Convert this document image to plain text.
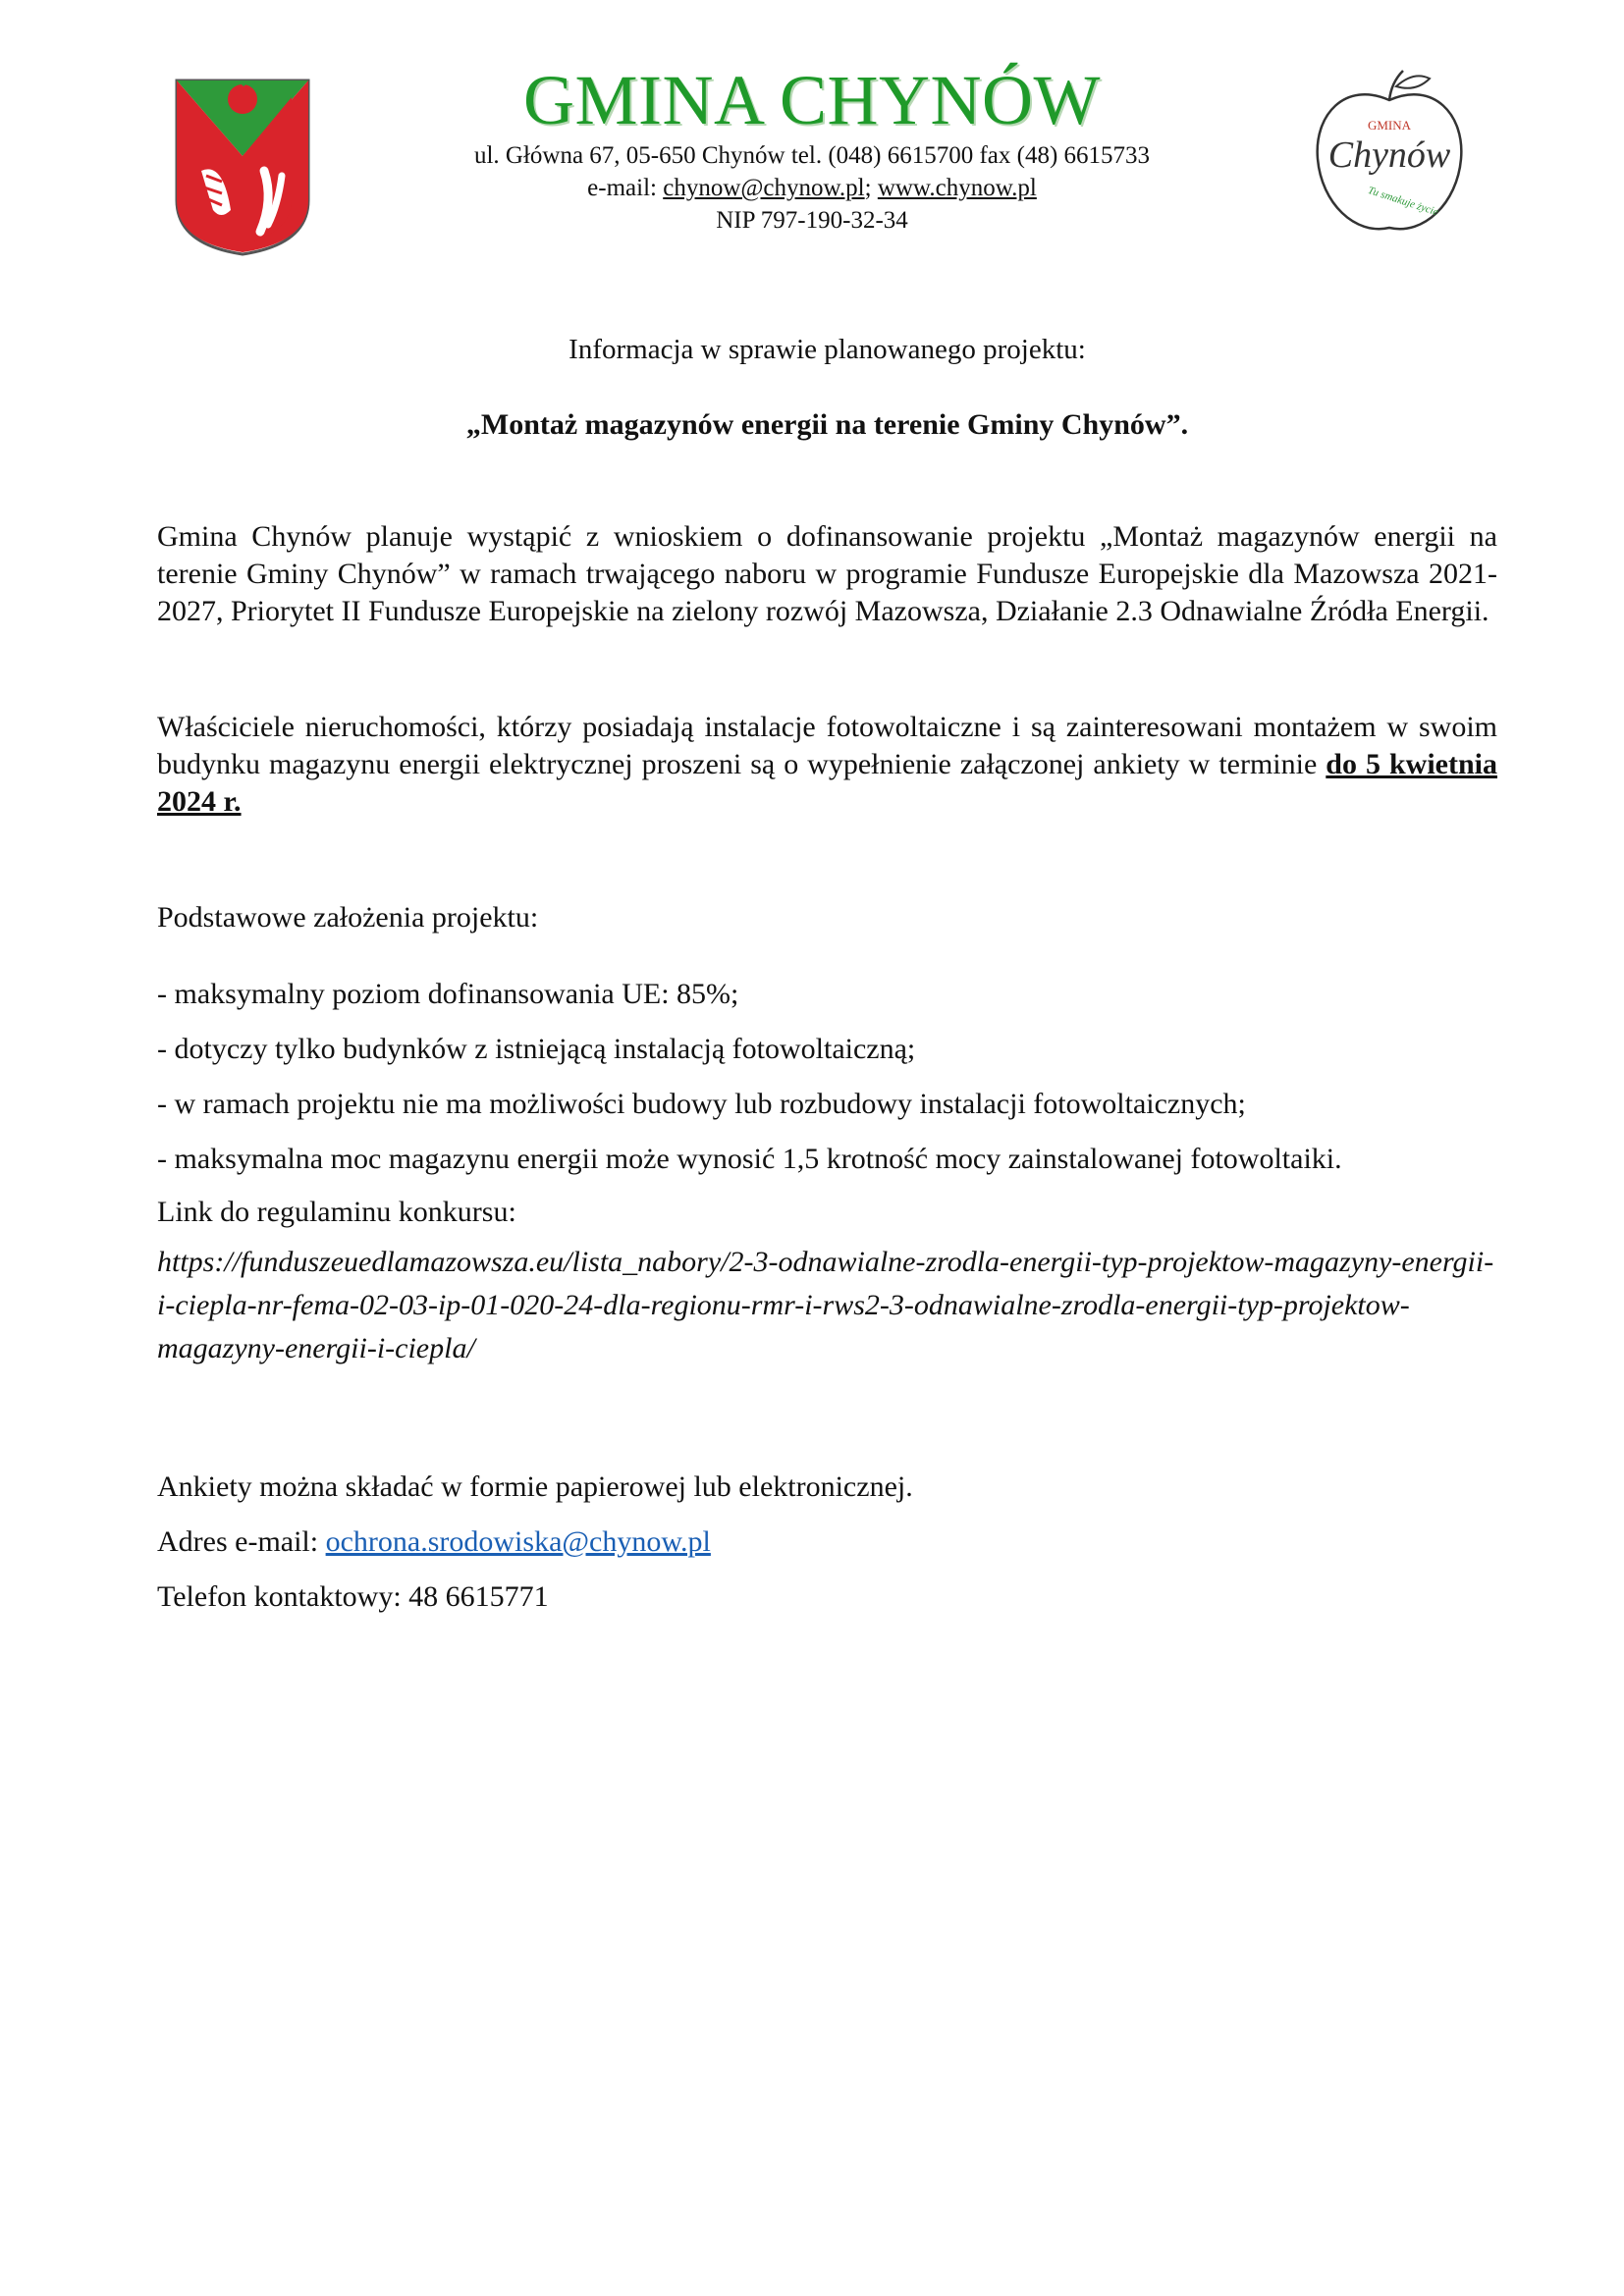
GMINA CHYNÓW

ul. Główna 67, 05-650 Chynów tel. (048) 6615700 fax (48) 6615733

e-mail: chynow@chynow.pl; www.chynow.pl

NIP 797-190-32-34

GMINA
Chynów
Tu smakuje życie

Informacja w sprawie planowanego projektu:

„Montaż magazynów energii na terenie Gminy Chynów”.

Gmina Chynów planuje wystąpić z wnioskiem o dofinansowanie projektu „Montaż magazynów energii na terenie Gminy Chynów” w ramach trwającego naboru w programie Fundusze Europejskie dla Mazowsza 2021-2027, Priorytet II Fundusze Europejskie na zielony rozwój Mazowsza, Działanie 2.3 Odnawialne Źródła Energii.

Właściciele nieruchomości, którzy posiadają instalacje fotowoltaiczne i są zainteresowani montażem w swoim budynku magazynu energii elektrycznej proszeni są o wypełnienie załączonej ankiety w terminie do 5 kwietnia 2024 r.

Podstawowe założenia projektu:

- maksymalny poziom dofinansowania UE: 85%;

- dotyczy tylko budynków z istniejącą instalacją fotowoltaiczną;

- w ramach projektu nie ma możliwości budowy lub rozbudowy instalacji fotowoltaicznych;

- maksymalna moc magazynu energii może wynosić 1,5 krotność mocy zainstalowanej fotowoltaiki.

Link do regulaminu konkursu:

https://funduszeuedlamazowsza.eu/lista_nabory/2-3-odnawialne-zrodla-energii-typ-projektow-magazyny-energii-i-ciepla-nr-fema-02-03-ip-01-020-24-dla-regionu-rmr-i-rws2-3-odnawialne-zrodla-energii-typ-projektow-magazyny-energii-i-ciepla/

Ankiety można składać w formie papierowej lub elektronicznej.

Adres e-mail: ochrona.srodowiska@chynow.pl

Telefon kontaktowy: 48 6615771
